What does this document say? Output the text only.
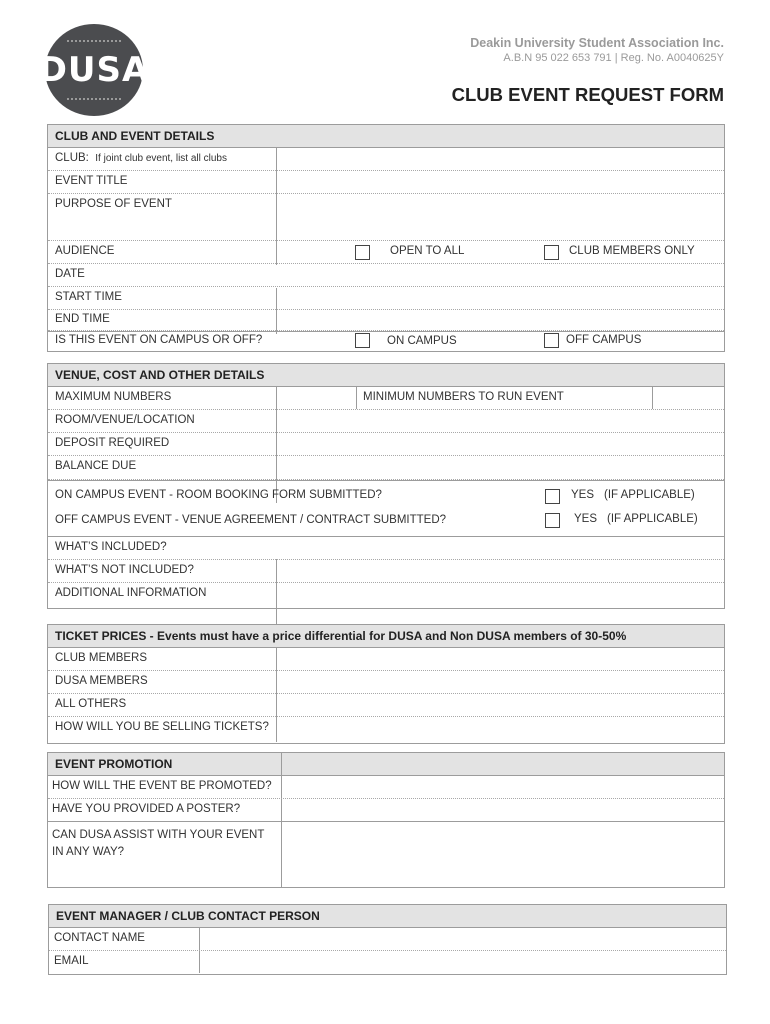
DUSA
Deakin University Student Association Inc.
A.B.N 95 022 653 791 | Reg. No. A0040625Y
CLUB EVENT REQUEST FORM
CLUB AND EVENT DETAILS
CLUB: If joint club event, list all clubs
EVENT TITLE
PURPOSE OF EVENT
AUDIENCE	OPEN TO ALL	CLUB MEMBERS ONLY
DATE
START TIME
END TIME
IS THIS EVENT ON CAMPUS OR OFF?	ON CAMPUS	OFF CAMPUS
VENUE, COST AND OTHER DETAILS
MAXIMUM NUMBERS	MINIMUM NUMBERS TO RUN EVENT
ROOM/VENUE/LOCATION
DEPOSIT REQUIRED
BALANCE DUE
ON CAMPUS EVENT - ROOM BOOKING FORM SUBMITTED?	YES (IF APPLICABLE)
OFF CAMPUS EVENT - VENUE AGREEMENT / CONTRACT SUBMITTED?	YES (IF APPLICABLE)
WHAT’S INCLUDED?
WHAT’S NOT INCLUDED?
ADDITIONAL INFORMATION
TICKET PRICES -
Events must have a price differential for DUSA and Non DUSA members of 30-50%
CLUB MEMBERS
DUSA MEMBERS
ALL OTHERS
HOW WILL YOU BE SELLING TICKETS?
EVENT PROMOTION
HOW WILL THE EVENT BE PROMOTED?
HAVE YOU PROVIDED A POSTER?
CAN DUSA ASSIST WITH YOUR EVENT
IN ANY WAY?
EVENT MANAGER / CLUB CONTACT PERSON
CONTACT NAME
EMAIL
